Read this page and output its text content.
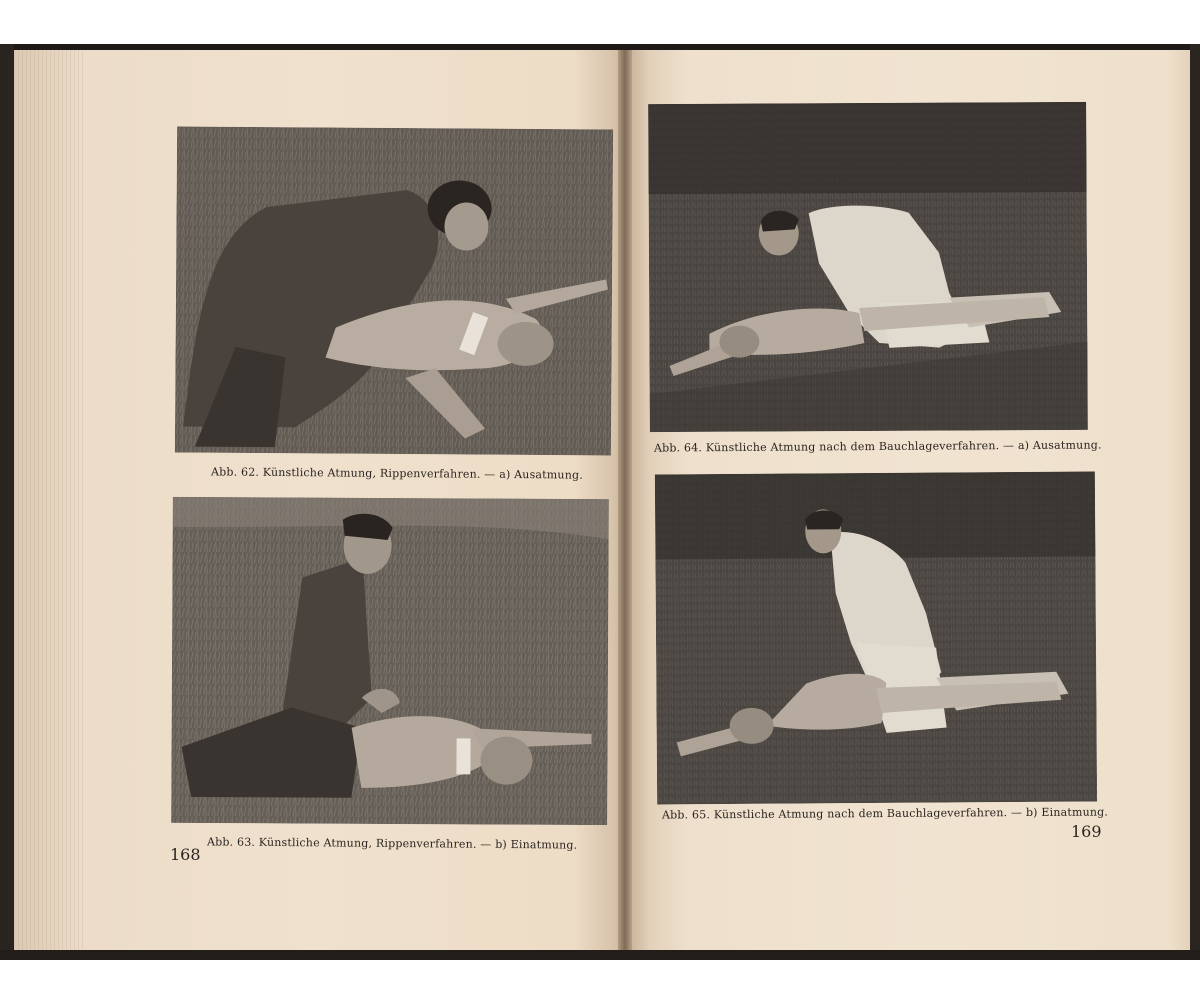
Abb. 62. Künstliche Atmung, Rippenverfahren. — a) Ausatmung.
Abb. 63. Künstliche Atmung, Rippenverfahren. — b) Einatmung.
168
Abb. 64. Künstliche Atmung nach dem Bauchlageverfahren. — a) Ausatmung.
Abb. 65. Künstliche Atmung nach dem Bauchlageverfahren. — b) Einatmung.
169
